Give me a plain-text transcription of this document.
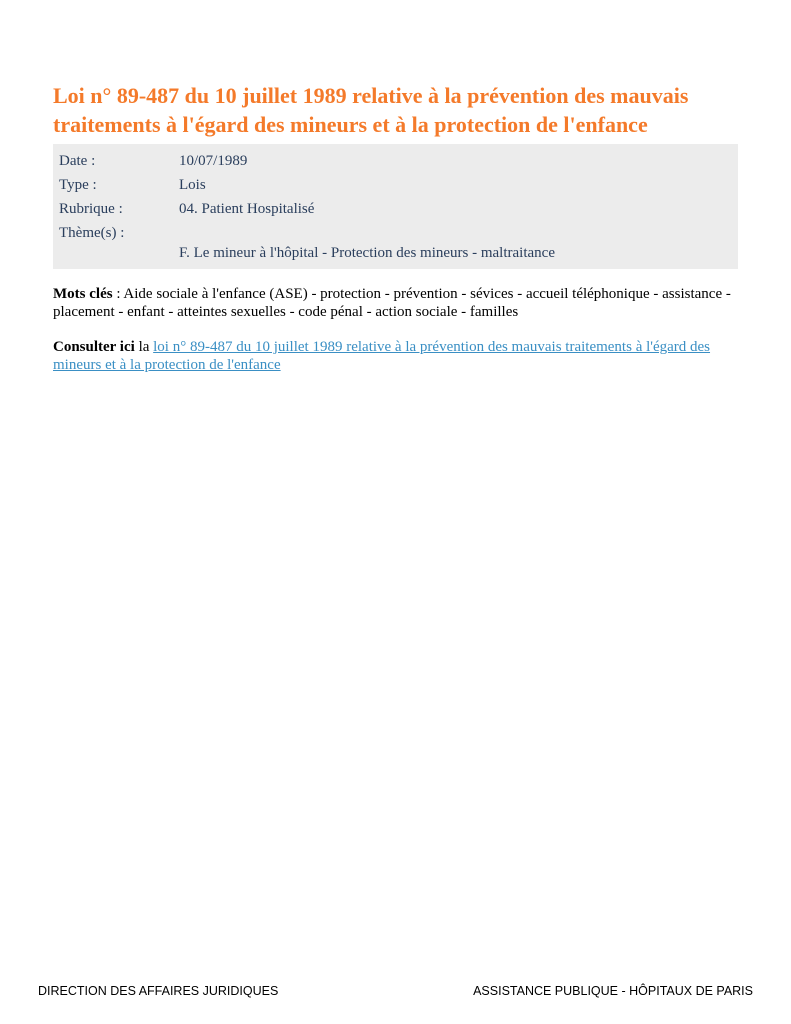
Loi n° 89-487 du 10 juillet 1989 relative à la prévention des mauvais traitements à l'égard des mineurs et à la protection de l'enfance
Date :	10/07/1989
Type :	Lois
Rubrique :	04. Patient Hospitalisé
Thème(s) :
F. Le mineur à l'hôpital - Protection des mineurs - maltraitance

Mots clés : Aide sociale à l'enfance (ASE) - protection - prévention - sévices - accueil téléphonique - assistance - placement - enfant - atteintes sexuelles - code pénal - action sociale - familles

Consulter ici la loi n° 89-487 du 10 juillet 1989 relative à la prévention des mauvais traitements à l'égard des mineurs et à la protection de l'enfance

DIRECTION DES AFFAIRES JURIDIQUES	ASSISTANCE PUBLIQUE - HÔPITAUX DE PARIS
